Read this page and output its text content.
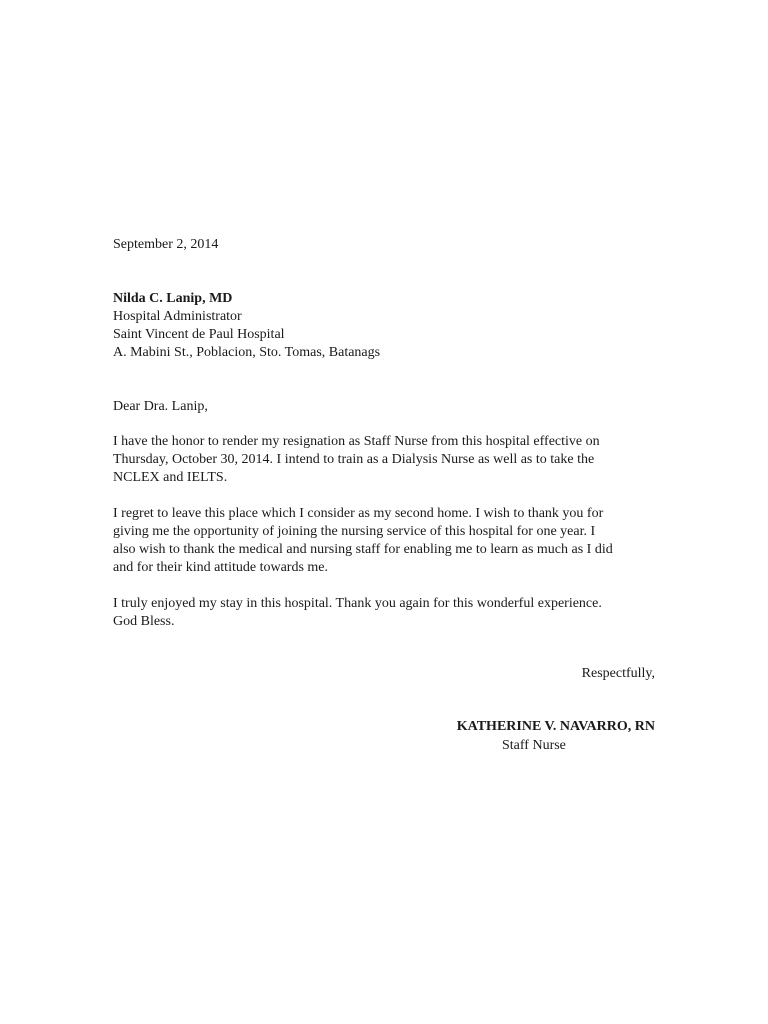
September 2, 2014
Nilda C. Lanip, MD
Hospital Administrator
Saint Vincent de Paul Hospital
A. Mabini St., Poblacion, Sto. Tomas, Batanags
Dear Dra. Lanip,
I have the honor to render my resignation as Staff Nurse from this hospital effective on
Thursday, October 30, 2014. I intend to train as a Dialysis Nurse as well as to take the
NCLEX and IELTS.
I regret to leave this place which I consider as my second home. I wish to thank you for
giving me the opportunity of joining the nursing service of this hospital for one year. I
also wish to thank the medical and nursing staff for enabling me to learn as much as I did
and for their kind attitude towards me.
I truly enjoyed my stay in this hospital. Thank you again for this wonderful experience.
God Bless.
Respectfully,
KATHERINE V. NAVARRO, RN
Staff Nurse
